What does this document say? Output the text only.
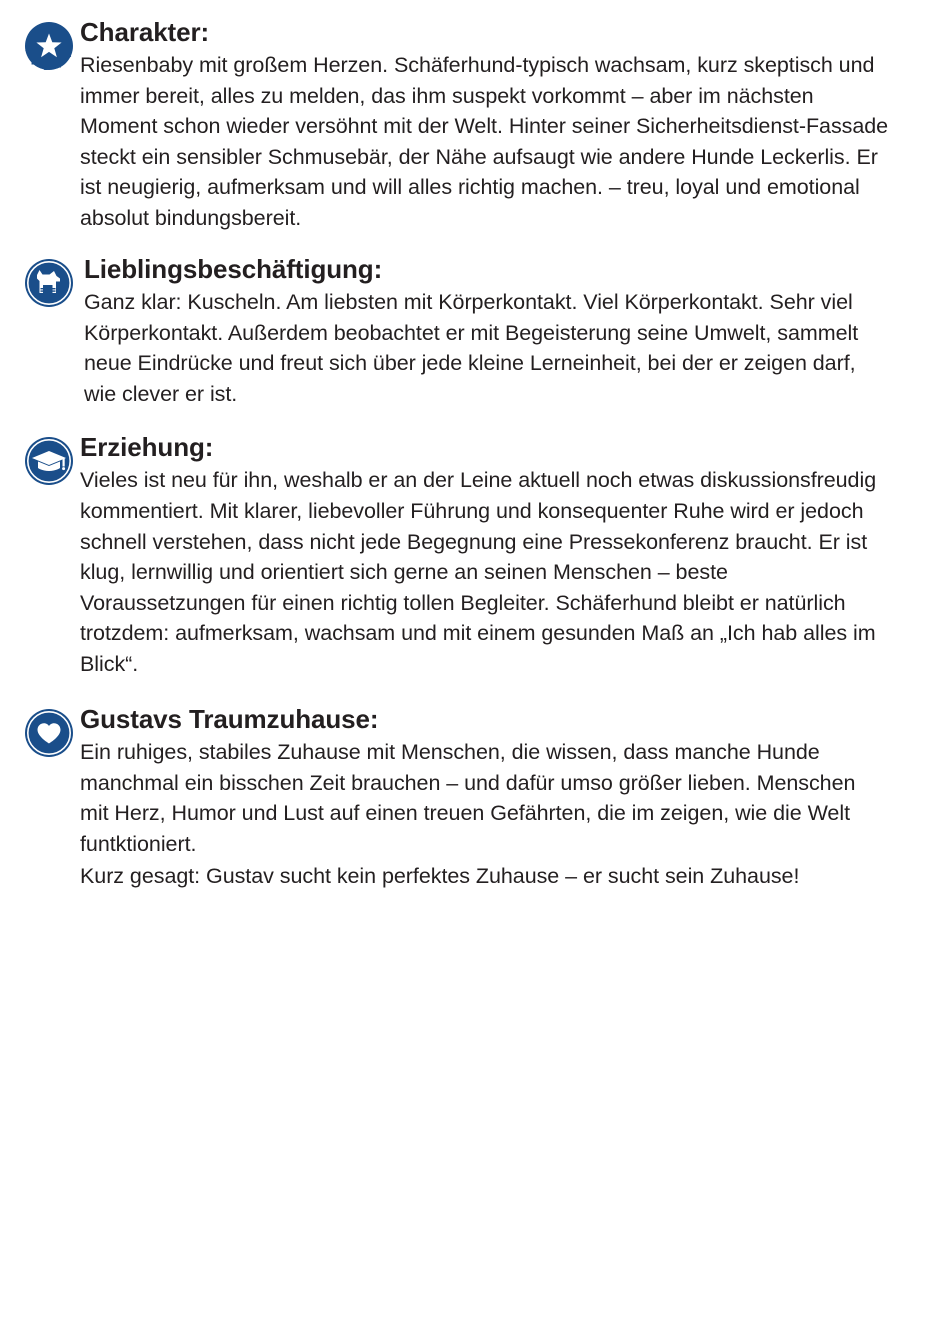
Charakter:

Riesenbaby mit großem Herzen. Schäferhund-typisch wachsam, kurz skeptisch und immer bereit, alles zu melden, das ihm suspekt vorkommt – aber im nächsten Moment schon wieder versöhnt mit der Welt. Hinter seiner Sicherheitsdienst-Fassade steckt ein sensibler Schmusebär, der Nähe aufsaugt wie andere Hunde Leckerlis. Er ist neugierig, aufmerksam und will alles richtig machen. – treu, loyal und emotional absolut bindungsbereit.

Lieblingsbeschäftigung:

Ganz klar: Kuscheln. Am liebsten mit Körperkontakt. Viel Körperkontakt. Sehr viel Körperkontakt. Außerdem beobachtet er mit Begeisterung seine Umwelt, sammelt neue Eindrücke und freut sich über jede kleine Lerneinheit, bei der er zeigen darf, wie clever er ist.

Erziehung:

Vieles ist neu für ihn, weshalb er an der Leine aktuell noch etwas diskussionsfreudig kommentiert. Mit klarer, liebevoller Führung und konsequenter Ruhe wird er jedoch schnell verstehen, dass nicht jede Begegnung eine Pressekonferenz braucht. Er ist klug, lernwillig und orientiert sich gerne an seinen Menschen – beste Voraussetzungen für einen richtig tollen Begleiter. Schäferhund bleibt er natürlich trotzdem: aufmerksam, wachsam und mit einem gesunden Maß an „Ich hab alles im Blick“.

Gustavs Traumzuhause:

Ein ruhiges, stabiles Zuhause mit Menschen, die wissen, dass manche Hunde manchmal ein bisschen Zeit brauchen – und dafür umso größer lieben. Menschen mit Herz, Humor und Lust auf einen treuen Gefährten, die im zeigen, wie die Welt funtktioniert.

Kurz gesagt: Gustav sucht kein perfektes Zuhause – er sucht sein Zuhause!
